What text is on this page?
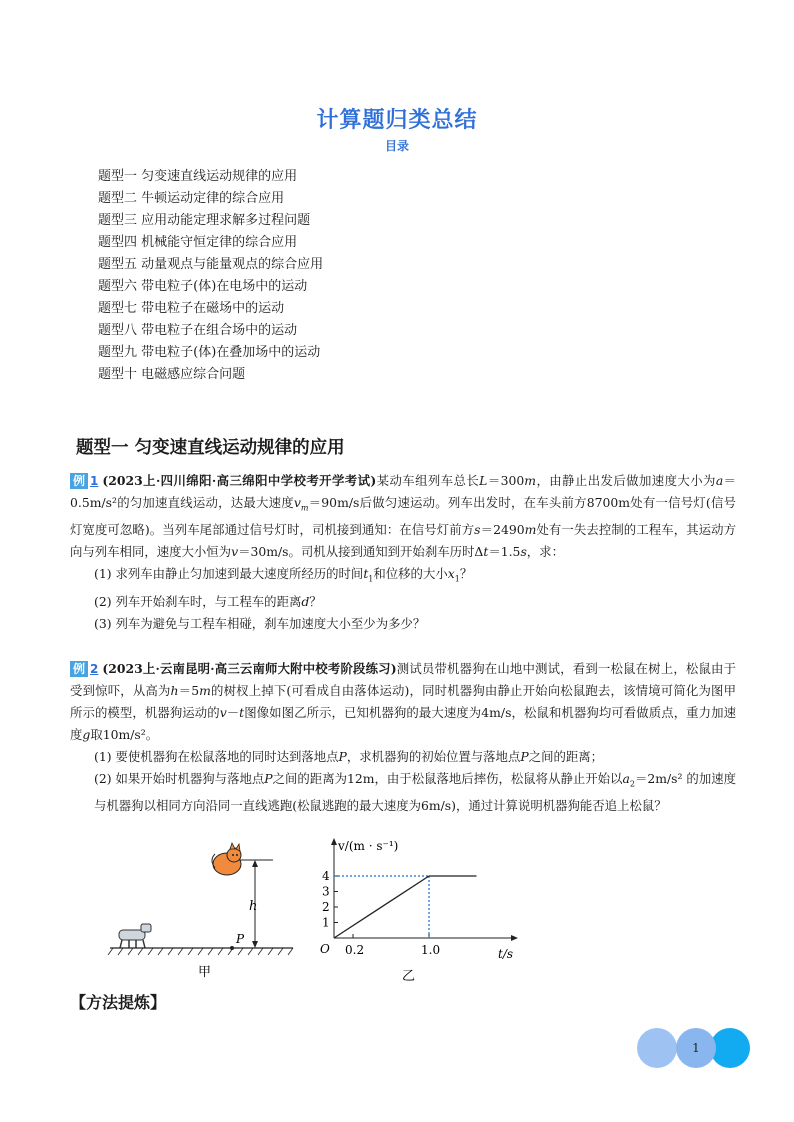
计算题归类总结
目录
题型一 匀变速直线运动规律的应用
题型二 牛顿运动定律的综合应用
题型三 应用动能定理求解多过程问题
题型四 机械能守恒定律的综合应用
题型五 动量观点与能量观点的综合应用
题型六 带电粒子(体)在电场中的运动
题型七 带电粒子在磁场中的运动
题型八 带电粒子在组合场中的运动
题型九 带电粒子(体)在叠加场中的运动
题型十 电磁感应综合问题
题型一 匀变速直线运动规律的应用

例 1 (2023上·四川绵阳·高三绵阳中学校考开学考试)某动车组列车总长L＝300m，由静止出发后做加速度大小为a＝0.5m/s²的匀加速直线运动，达最大速度$v_m=90m/s$后做匀速运动。列车出发时，在车头前方8700m处有一信号灯(信号灯宽度可忽略)。当列车尾部通过信号灯时，司机接到通知：在信号灯前方s＝2490m处有一失去控制的工程车，其运动方向与列车相同，速度大小恒为v＝30m/s。司机从接到通知到开始刹车历时Δt＝1.5s，求：

(1) 求列车由静止匀加速到最大速度所经历的时间$t_1$和位移的大小$x_1$？

(2) 列车开始刹车时，与工程车的距离d？

(3) 列车为避免与工程车相碰，刹车加速度大小至少为多少？

例 2 (2023上·云南昆明·高三云南师大附中校考阶段练习)测试员带机器狗在山地中测试，看到一松鼠在树上，松鼠由于受到惊吓，从高为h＝5m的树杈上掉下(可看成自由落体运动)，同时机器狗由静止开始向松鼠跑去，该情境可简化为图甲所示的模型，机器狗运动的v－t图像如图乙所示，已知机器狗的最大速度为4m/s，松鼠和机器狗均可看做质点，重力加速度g取10m/s²。

(1) 要使机器狗在松鼠落地的同时达到落地点P，求机器狗的初始位置与落地点P之间的距离；

(2) 如果开始时机器狗与落地点P之间的距离为12m，由于松鼠落地后摔伤，松鼠将从静止开始以$a_2=2m/s^2$ 的加速度与机器狗以相同方向沿同一直线逃跑(松鼠逃跑的最大速度为6m/s)，通过计算说明机器狗能否追上松鼠？

h
P
甲
v/(m · s⁻¹)
t/s
O
1
2
3
4
0.2	1.0
乙
【方法提炼】
1
